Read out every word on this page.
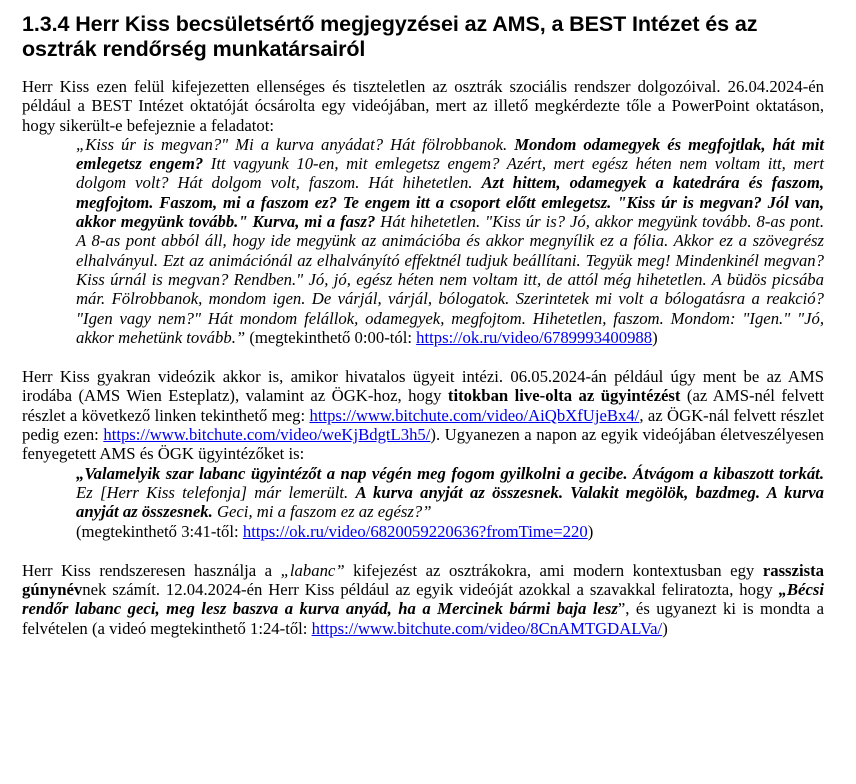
1.3.4 Herr Kiss becsületsértő megjegyzései az AMS, a BEST Intézet és az osztrák rendőrség munkatársairól

Herr Kiss ezen felül kifejezetten ellenséges és tiszteletlen az osztrák szociális rendszer dolgozóival. 26.04.2024-én például a BEST Intézet oktatóját ócsárolta egy videójában, mert az illető megkérdezte tőle a PowerPoint oktatáson, hogy sikerült-e befejeznie a feladatot:

„Kiss úr is megvan?" Mi a kurva anyádat? Hát fölrobbanok. Mondom odamegyek és megfojtlak, hát mit emlegetsz engem? Itt vagyunk 10-en, mit emlegetsz engem? Azért, mert egész héten nem voltam itt, mert dolgom volt? Hát dolgom volt, faszom. Hát hihetetlen. Azt hittem, odamegyek a katedrára és faszom, megfojtom. Faszom, mi a faszom ez? Te engem itt a csoport előtt emlegetsz. "Kiss úr is megvan? Jól van, akkor megyünk tovább." Kurva, mi a fasz? Hát hihetetlen. "Kiss úr is? Jó, akkor megyünk tovább. 8-as pont. A 8-as pont abból áll, hogy ide megyünk az animációba és akkor megnyílik ez a fólia. Akkor ez a szövegrész elhalványul. Ezt az animációnál az elhalványító effektnél tudjuk beállítani. Tegyük meg! Mindenkinél megvan? Kiss úrnál is megvan? Rendben." Jó, jó, egész héten nem voltam itt, de attól még hihetetlen. A büdös picsába már. Fölrobbanok, mondom igen. De várjál, várjál, bólogatok. Szerintetek mi volt a bólogatásra a reakció? "Igen vagy nem?" Hát mondom felállok, odamegyek, megfojtom. Hihetetlen, faszom. Mondom: "Igen." "Jó, akkor mehetünk tovább.” (megtekinthető 0:00-tól: https://ok.ru/video/6789993400988)

Herr Kiss gyakran videózik akkor is, amikor hivatalos ügyeit intézi. 06.05.2024-án például úgy ment be az AMS irodába (AMS Wien Esteplatz), valamint az ÖGK-hoz, hogy titokban live-olta az ügyintézést (az AMS-nél felvett részlet a következő linken tekinthető meg: https://www.bitchute.com/video/AiQbXfUjeBx4/, az ÖGK-nál felvett részlet pedig ezen: https://www.bitchute.com/video/weKjBdgtL3h5/). Ugyanezen a napon az egyik videójában életveszélyesen fenyegetett AMS és ÖGK ügyintézőket is:

„Valamelyik szar labanc ügyintézőt a nap végén meg fogom gyilkolni a gecibe. Átvágom a kibaszott torkát. Ez [Herr Kiss telefonja] már lemerült. A kurva anyját az összesnek. Valakit megölök, bazdmeg. A kurva anyját az összesnek. Geci, mi a faszom ez az egész?”
(megtekinthető 3:41-től: https://ok.ru/video/6820059220636?fromTime=220)

Herr Kiss rendszeresen használja a „labanc” kifejezést az osztrákokra, ami modern kontextusban egy rasszista gúnynévnek számít. 12.04.2024-én Herr Kiss például az egyik videóját azokkal a szavakkal feliratozta, hogy „Bécsi rendőr labanc geci, meg lesz baszva a kurva anyád, ha a Mercinek bármi baja lesz”, és ugyanezt ki is mondta a felvételen (a videó megtekinthető 1:24-től: https://www.bitchute.com/video/8CnAMTGDALVa/)
